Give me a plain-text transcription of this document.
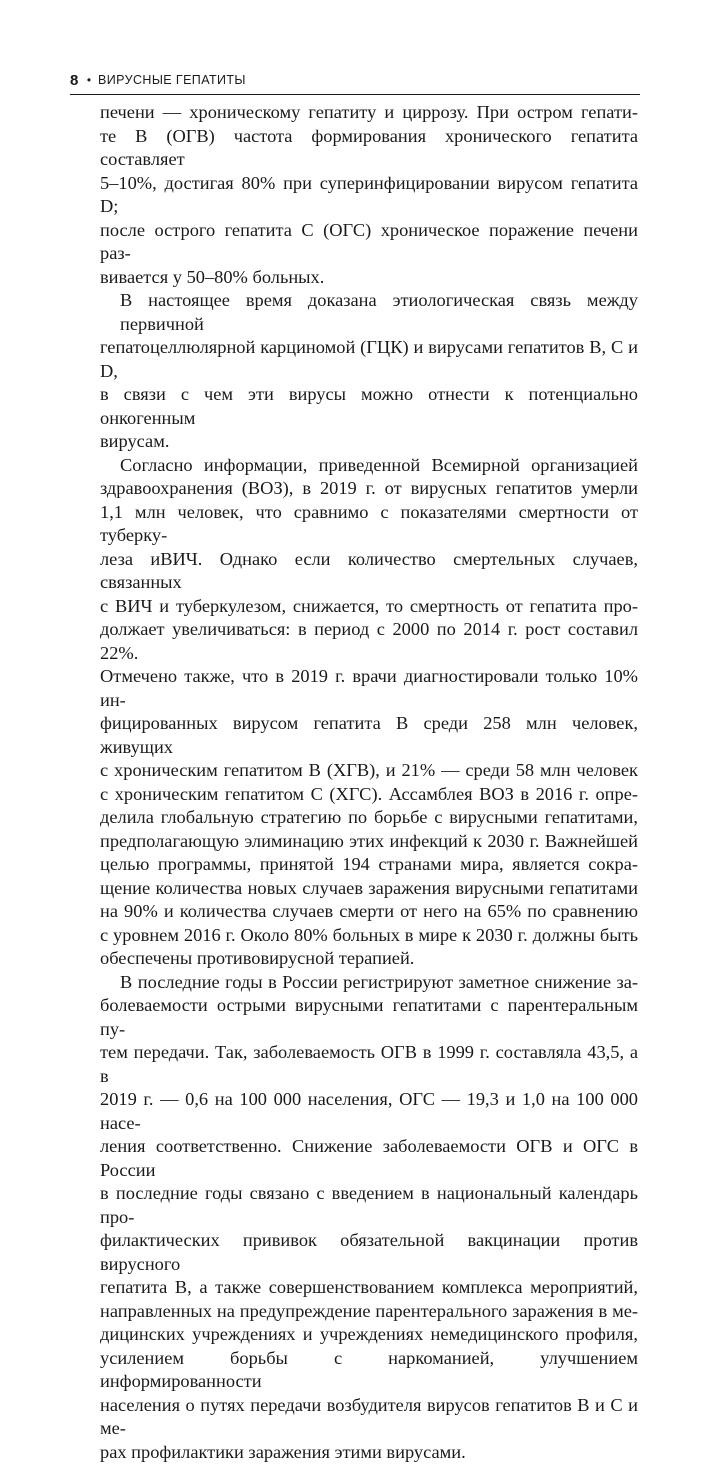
8 • ВИРУСНЫЕ ГЕПАТИТЫ

печени — хроническому гепатиту и циррозу. При остром гепати-

те В (ОГВ) частота формирования хронического гепатита составляет

5–10%, достигая 80% при суперинфицировании вирусом гепатита D;

после острого гепатита С (ОГС) хроническое поражение печени раз-

вивается у 50–80% больных.

В настоящее время доказана этиологическая связь между первичной

гепатоцеллюлярной карциномой (ГЦК) и вирусами гепатитов В, С и D,

в связи с чем эти вирусы можно отнести к потенциально онкогенным

вирусам.

Согласно информации, приведенной Всемирной организацией

здравоохранения (ВОЗ), в 2019 г. от вирусных гепатитов умерли

1,1 млн человек, что сравнимо с показателями смертности от туберку-

леза иВИЧ. Однако если количество смертельных случаев, связанных

с ВИЧ и туберкулезом, снижается, то смертность от гепатита про-

должает увеличиваться: в период с 2000 по 2014 г. рост составил 22%.

Отмечено также, что в 2019 г. врачи диагностировали только 10% ин-

фицированных вирусом гепатита В среди 258 млн человек, живущих

с хроническим гепатитом В (ХГВ), и 21% — среди 58 млн человек

с хроническим гепатитом С (ХГС). Ассамблея ВОЗ в 2016 г. опре-

делила глобальную стратегию по борьбе с вирусными гепатитами,

предполагающую элиминацию этих инфекций к 2030 г. Важнейшей

целью программы, принятой 194 странами мира, является сокра-

щение количества новых случаев заражения вирусными гепатитами

на 90% и количества случаев смерти от него на 65% по сравнению

с уровнем 2016 г. Около 80% больных в мире к 2030 г. должны быть

обеспечены противовирусной терапией.

В последние годы в России регистрируют заметное снижение за-

болеваемости острыми вирусными гепатитами с парентеральным пу-

тем передачи. Так, заболеваемость ОГВ в 1999 г. составляла 43,5, а в

2019 г. — 0,6 на 100 000 населения, ОГС — 19,3 и 1,0 на 100 000 насе-

ления соответственно. Снижение заболеваемости ОГВ и ОГС в России

в последние годы связано с введением в национальный календарь про-

филактических прививок обязательной вакцинации против вирусного

гепатита В, а также совершенствованием комплекса мероприятий,

направленных на предупреждение парентерального заражения в ме-

дицинских учреждениях и учреждениях немедицинского профиля,

усилением борьбы с наркоманией, улучшением информированности

населения о путях передачи возбудителя вирусов гепатитов В и С и ме-

рах профилактики заражения этими вирусами.
